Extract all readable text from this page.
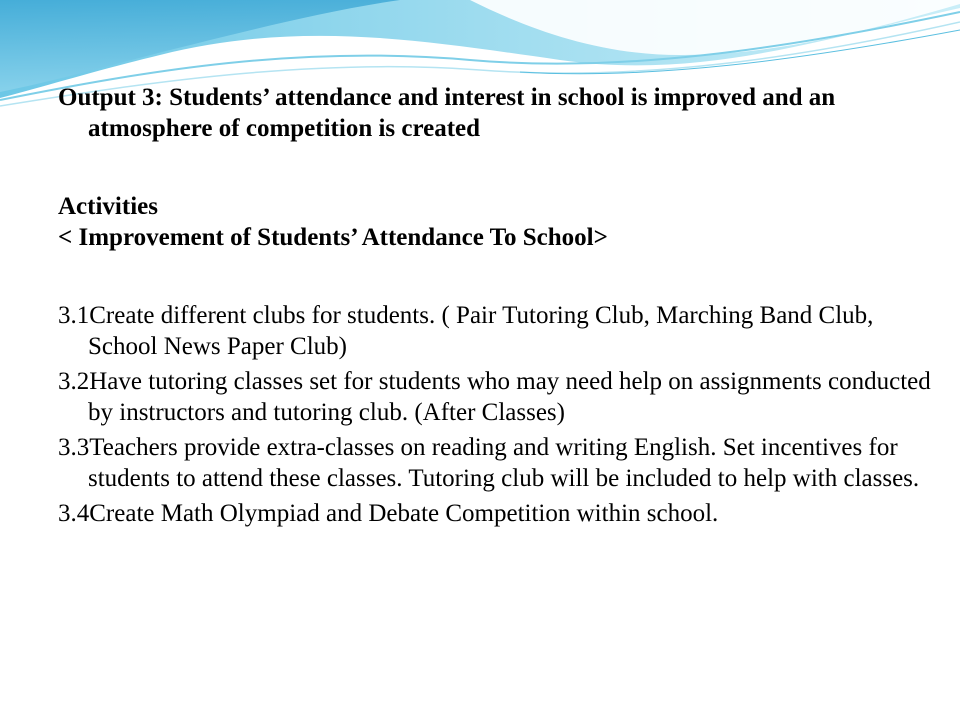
Output 3: Students’ attendance and interest in school is improved and an atmosphere of competition is created

Activities

< Improvement of Students’ Attendance To School>

3.1Create different clubs for students. ( Pair Tutoring Club, Marching Band Club, School News Paper Club)

3.2Have tutoring classes set for students who may need help on assignments conducted by instructors and tutoring club. (After Classes)

3.3Teachers provide extra-classes on reading and writing English. Set incentives for students to attend these classes. Tutoring club will be included to help with classes.

3.4Create Math Olympiad and Debate Competition within school.
